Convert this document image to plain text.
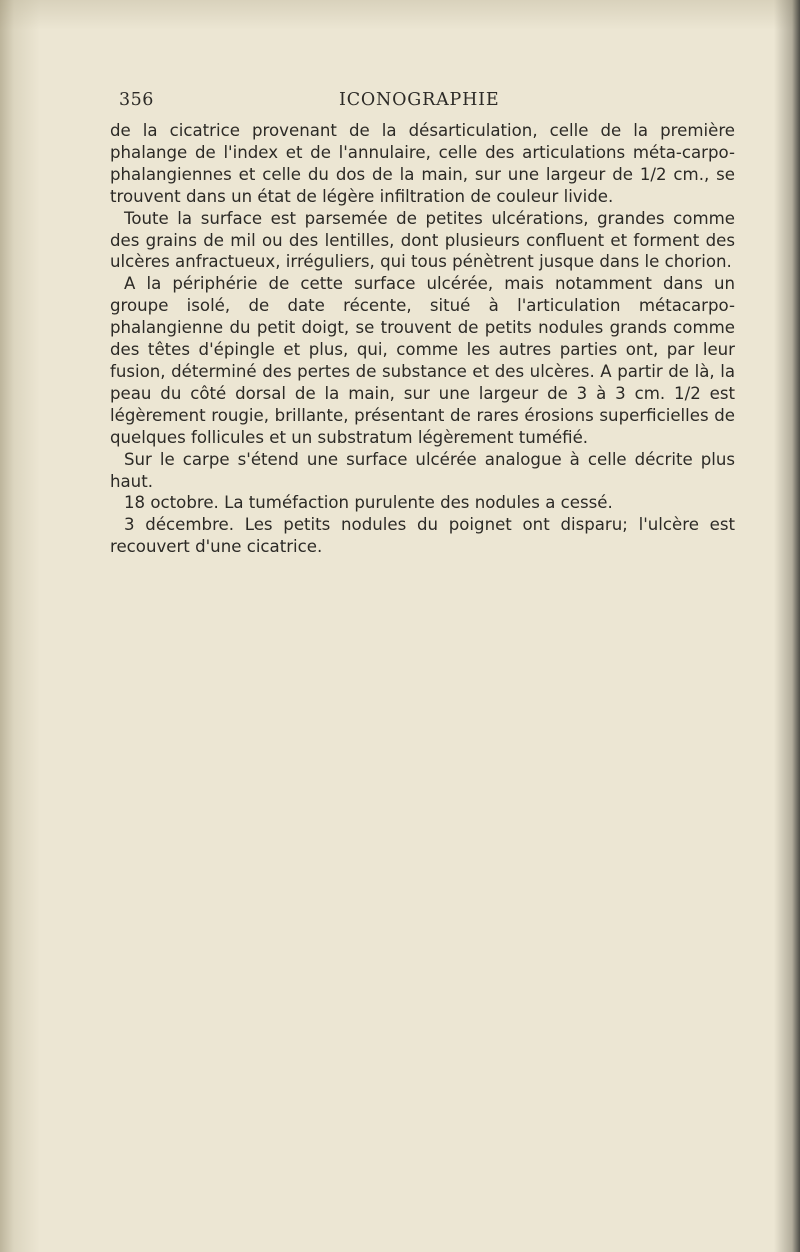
356	ICONOGRAPHIE

de la cicatrice provenant de la désarticulation, celle de la première phalange de l'index et de l'annulaire, celle des articulations méta-carpo-phalangiennes et celle du dos de la main, sur une largeur de 1/2 cm., se trouvent dans un état de légère infiltration de couleur livide.

Toute la surface est parsemée de petites ulcérations, grandes comme des grains de mil ou des lentilles, dont plusieurs confluent et forment des ulcères anfractueux, irréguliers, qui tous pénètrent jusque dans le chorion.

A la périphérie de cette surface ulcérée, mais notamment dans un groupe isolé, de date récente, situé à l'articulation métacarpo-phalangienne du petit doigt, se trouvent de petits nodules grands comme des têtes d'épingle et plus, qui, comme les autres parties ont, par leur fusion, déterminé des pertes de substance et des ulcères. A partir de là, la peau du côté dorsal de la main, sur une largeur de 3 à 3 cm. 1/2 est légèrement rougie, brillante, présentant de rares érosions superficielles de quelques follicules et un substratum légèrement tuméfié.

Sur le carpe s'étend une surface ulcérée analogue à celle décrite plus haut.

18 octobre. La tuméfaction purulente des nodules a cessé.

3 décembre. Les petits nodules du poignet ont disparu; l'ulcère est recouvert d'une cicatrice.
